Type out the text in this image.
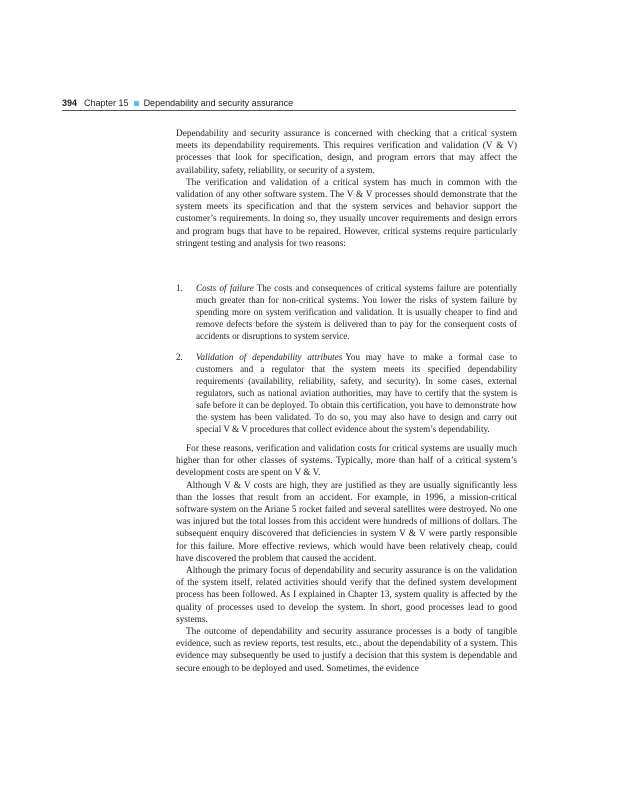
394 Chapter 15 Dependability and security assurance

Dependability and security assurance is concerned with checking that a critical system meets its dependability requirements. This requires verification and validation (V & V) processes that look for specification, design, and program errors that may affect the availability, safety, reliability, or security of a system.

The verification and validation of a critical system has much in common with the validation of any other software system. The V & V processes should demonstrate that the system meets its specification and that the system services and behavior support the customer’s requirements. In doing so, they usually uncover requirements and design errors and program bugs that have to be repaired. However, critical systems require particularly stringent testing and analysis for two reasons:

1. Costs of failure The costs and consequences of critical systems failure are potentially much greater than for non-critical systems. You lower the risks of system failure by spending more on system verification and validation. It is usually cheaper to find and remove defects before the system is delivered than to pay for the consequent costs of accidents or disruptions to system service.
2. Validation of dependability attributes You may have to make a formal case to customers and a regulator that the system meets its specified dependability requirements (availability, reliability, safety, and security). In some cases, external regulators, such as national aviation authorities, may have to certify that the system is safe before it can be deployed. To obtain this certification, you have to demonstrate how the system has been validated. To do so, you may also have to design and carry out special V & V procedures that collect evidence about the system’s dependability.

For these reasons, verification and validation costs for critical systems are usually much higher than for other classes of systems. Typically, more than half of a critical system’s development costs are spent on V & V.

Although V & V costs are high, they are justified as they are usually significantly less than the losses that result from an accident. For example, in 1996, a mission-critical software system on the Ariane 5 rocket failed and several satellites were destroyed. No one was injured but the total losses from this accident were hundreds of millions of dollars. The subsequent enquiry discovered that deficiencies in system V & V were partly responsible for this failure. More effective reviews, which would have been relatively cheap, could have discovered the problem that caused the accident.

Although the primary focus of dependability and security assurance is on the validation of the system itself, related activities should verify that the defined system development process has been followed. As I explained in Chapter 13, system quality is affected by the quality of processes used to develop the system. In short, good processes lead to good systems.

The outcome of dependability and security assurance processes is a body of tangible evidence, such as review reports, test results, etc., about the dependability of a system. This evidence may subsequently be used to justify a decision that this system is dependable and secure enough to be deployed and used. Sometimes, the evidence
